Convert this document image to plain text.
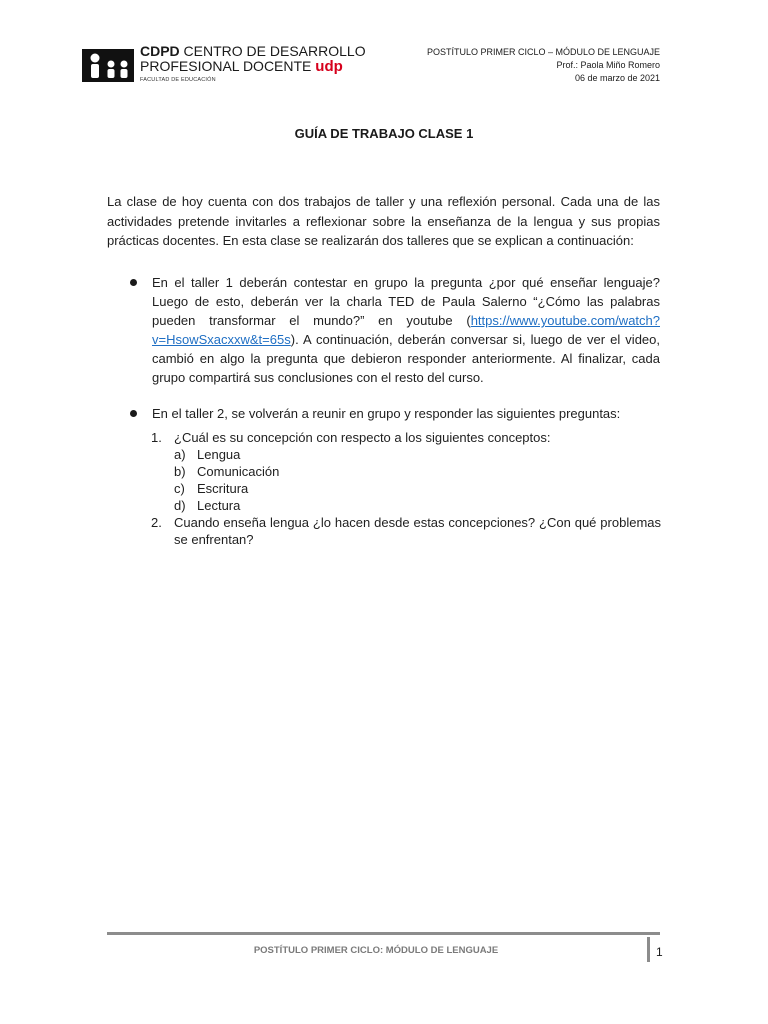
CDPD CENTRO DE DESARROLLO
PROFESIONAL DOCENTE udp
FACULTAD DE EDUCACIÓN
POSTÍTULO PRIMER CICLO – MÓDULO DE LENGUAJE
Prof.: Paola Miño Romero
06 de marzo de 2021
GUÍA DE TRABAJO CLASE 1

La clase de hoy cuenta con dos trabajos de taller y una reflexión personal. Cada una de las actividades pretende invitarles a reflexionar sobre la enseñanza de la lengua y sus propias prácticas docentes. En esta clase se realizarán dos talleres que se explican a continuación:

En el taller 1 deberán contestar en grupo la pregunta ¿por qué enseñar lenguaje? Luego de esto, deberán ver la charla TED de Paula Salerno “¿Cómo las palabras pueden transformar el mundo?” en youtube (https://www.youtube.com/watch?v=HsowSxacxxw&t=65s). A continuación, deberán conversar si, luego de ver el video, cambió en algo la pregunta que debieron responder anteriormente. Al finalizar, cada grupo compartirá sus conclusiones con el resto del curso.

En el taller 2, se volverán a reunir en grupo y responder las siguientes preguntas:

1. ¿Cuál es su concepción con respecto a los siguientes conceptos:
a) Lengua
b) Comunicación
c) Escritura
d) Lectura
2. Cuando enseña lengua ¿lo hacen desde estas concepciones? ¿Con qué problemas se enfrentan?
POSTÍTULO PRIMER CICLO: MÓDULO DE LENGUAJE	1
